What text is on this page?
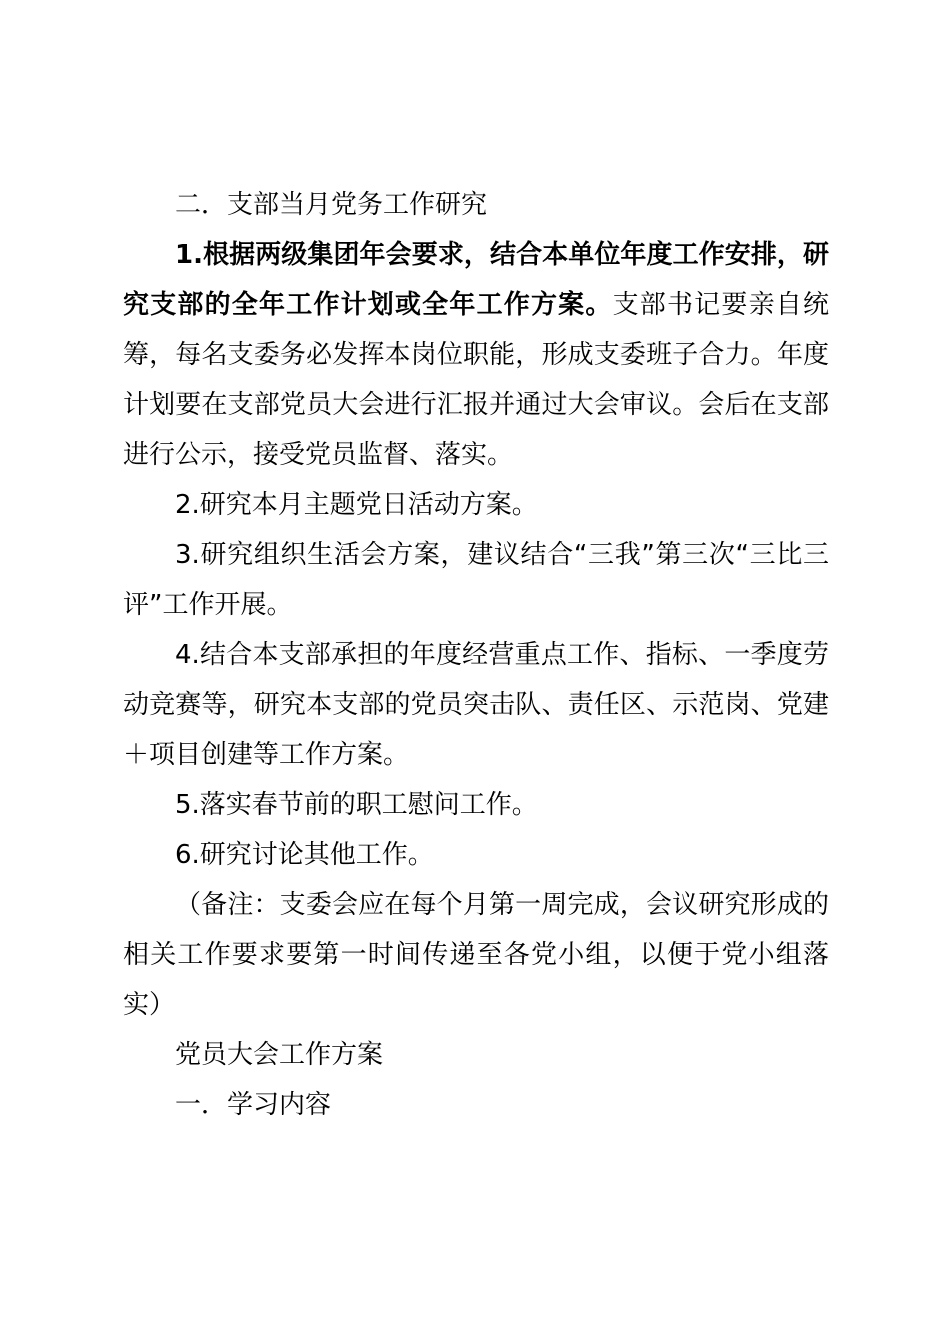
二．支部当月党务工作研究

1.根据两级集团年会要求，结合本单位年度工作安排，研究支部的全年工作计划或全年工作方案。支部书记要亲自统筹，每名支委务必发挥本岗位职能，形成支委班子合力。年度计划要在支部党员大会进行汇报并通过大会审议。会后在支部进行公示，接受党员监督、落实。

2.研究本月主题党日活动方案。

3.研究组织生活会方案，建议结合“三我”第三次“三比三评”工作开展。

4.结合本支部承担的年度经营重点工作、指标、一季度劳动竞赛等，研究本支部的党员突击队、责任区、示范岗、党建＋项目创建等工作方案。

5.落实春节前的职工慰问工作。

6.研究讨论其他工作。

（备注：支委会应在每个月第一周完成，会议研究形成的相关工作要求要第一时间传递至各党小组，以便于党小组落实）

党员大会工作方案

一．学习内容
